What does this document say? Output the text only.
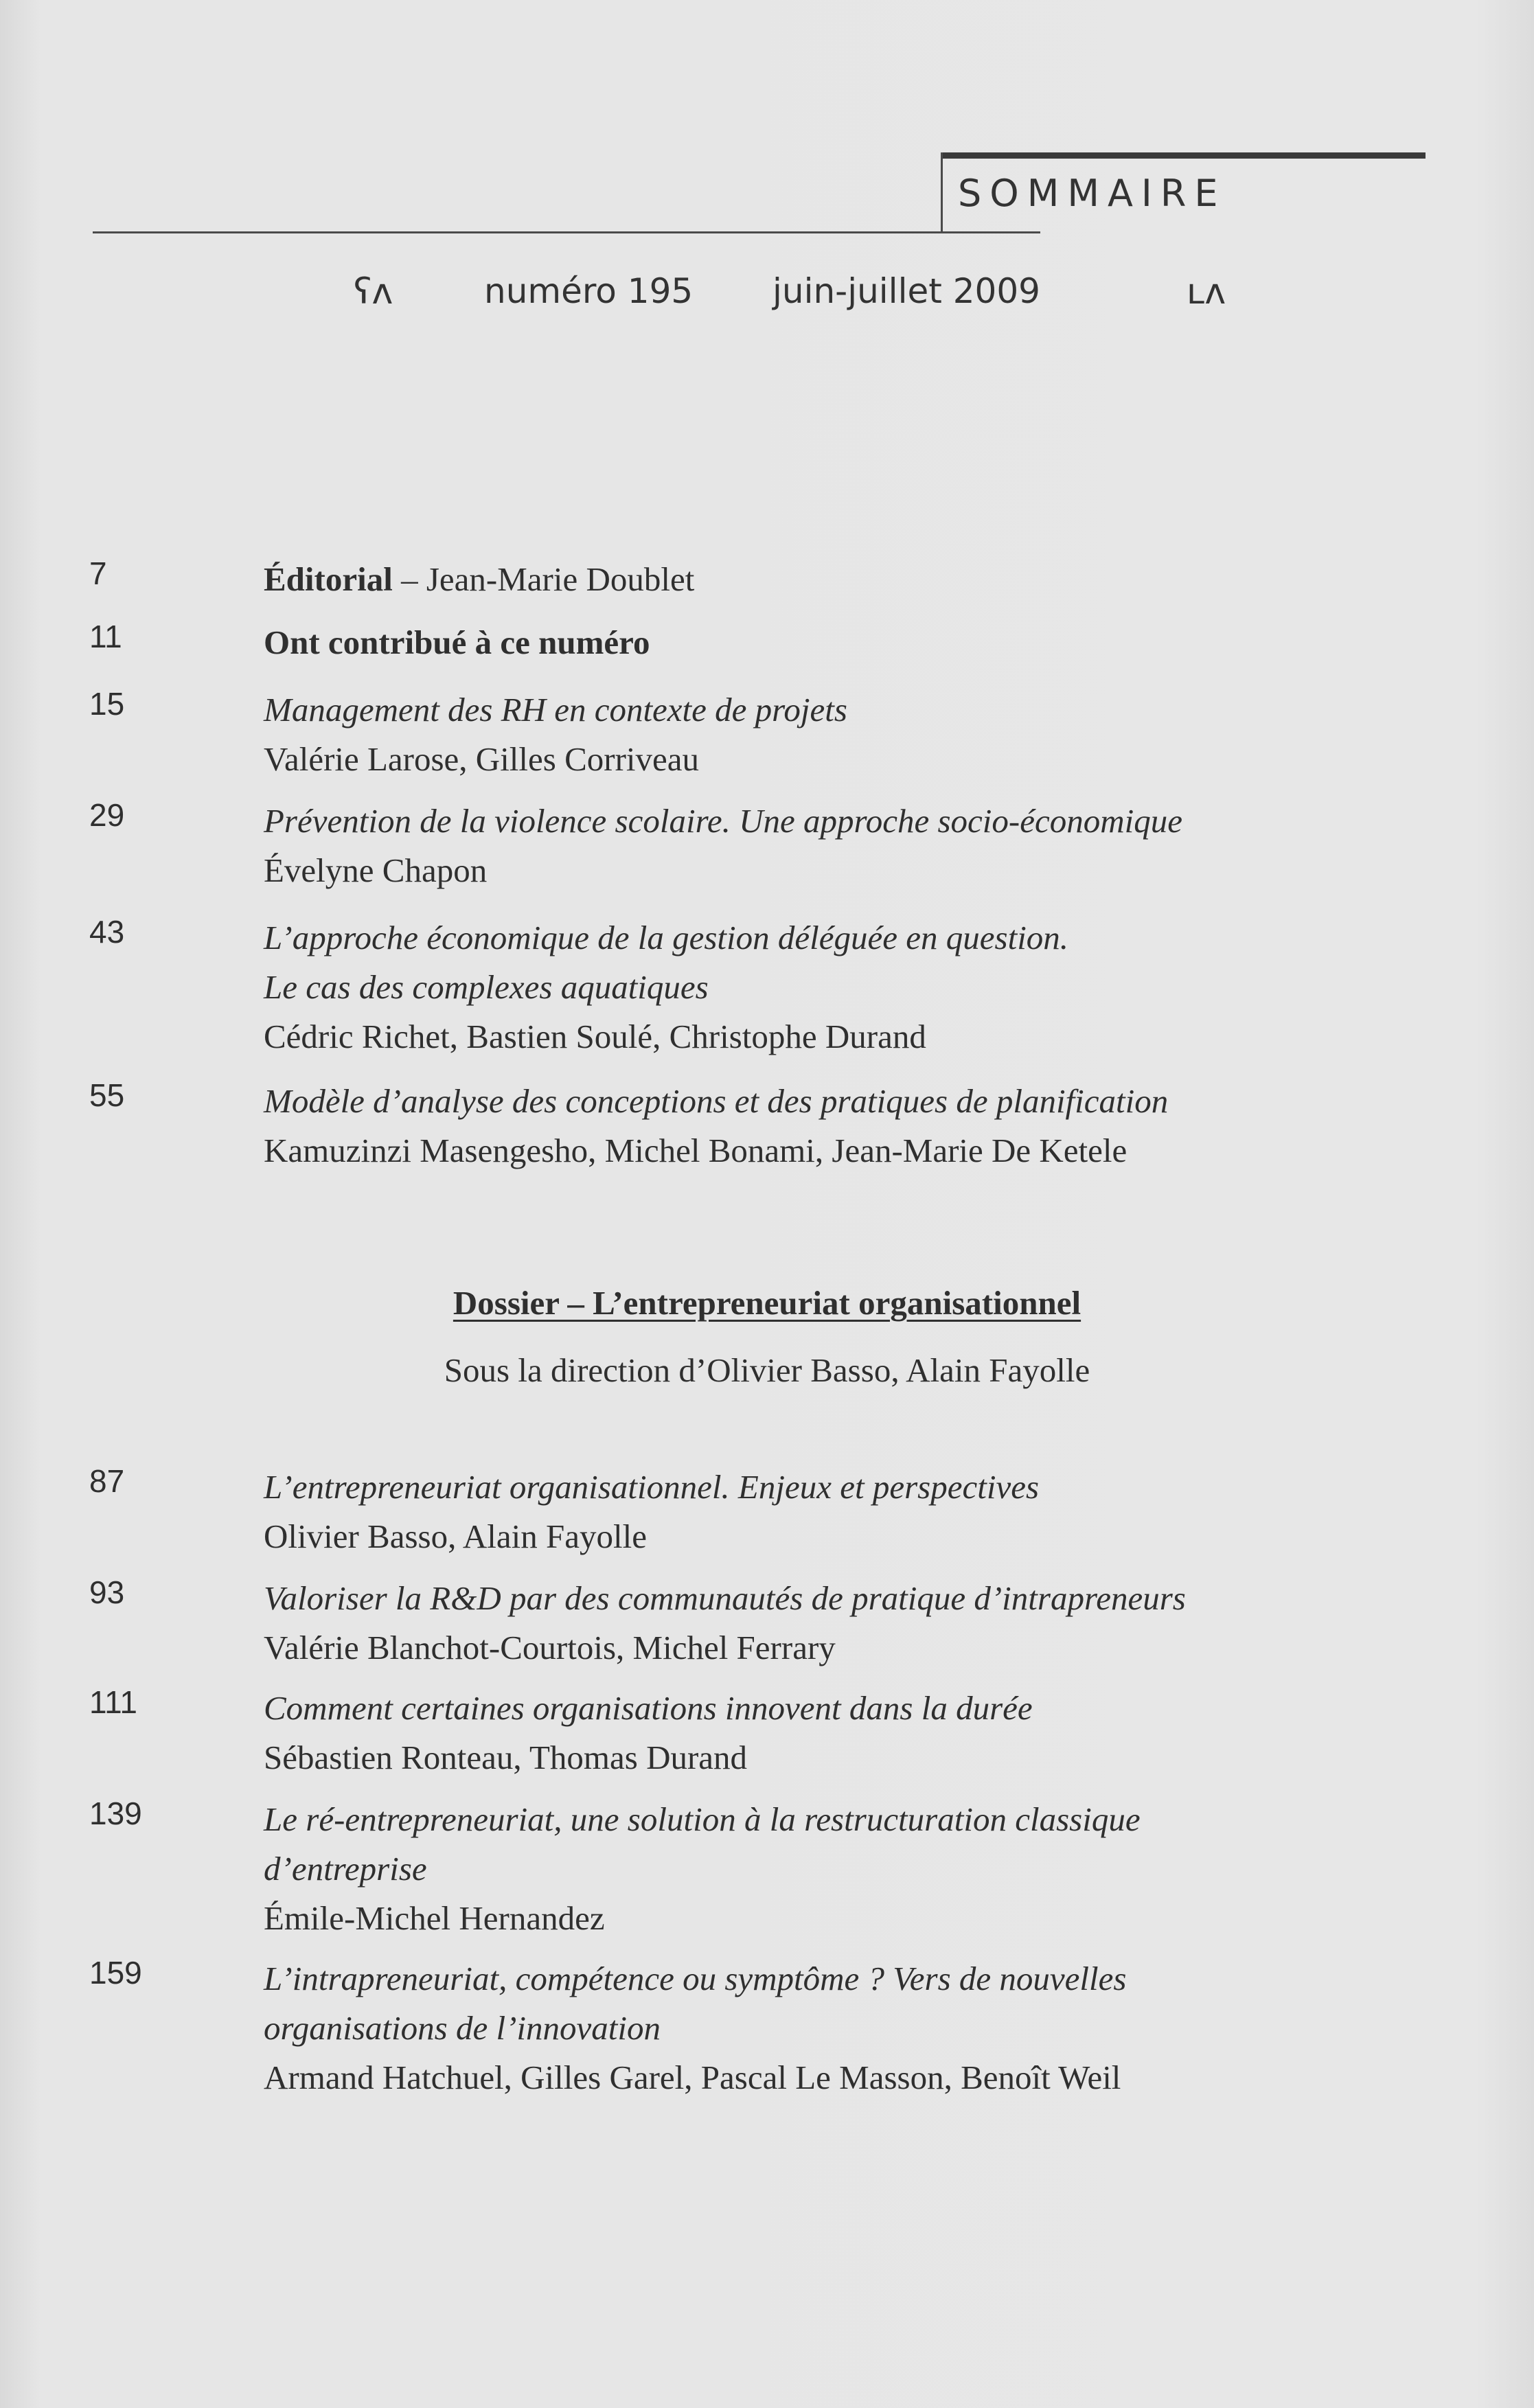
SOMMAIRE
ʕʌ	numéro 195 juin-juillet 2009	ʟʌ
7	Éditorial – Jean-Marie Doublet
11	Ont contribué à ce numéro
15	Management des RH en contexte de projets
Valérie Larose, Gilles Corriveau
29	Prévention de la violence scolaire. Une approche socio-économique
Évelyne Chapon
43	L’approche économique de la gestion déléguée en question.
Le cas des complexes aquatiques
Cédric Richet, Bastien Soulé, Christophe Durand
55	Modèle d’analyse des conceptions et des pratiques de planification
Kamuzinzi Masengesho, Michel Bonami, Jean-Marie De Ketele
Dossier – L’entrepreneuriat organisationnel
Sous la direction d’Olivier Basso, Alain Fayolle
87	L’entrepreneuriat organisationnel. Enjeux et perspectives
Olivier Basso, Alain Fayolle
93	Valoriser la R&D par des communautés de pratique d’intrapreneurs
Valérie Blanchot-Courtois, Michel Ferrary
111	Comment certaines organisations innovent dans la durée
Sébastien Ronteau, Thomas Durand
139	Le ré-entrepreneuriat, une solution à la restructuration classique
d’entreprise
Émile-Michel Hernandez
159	L’intrapreneuriat, compétence ou symptôme ? Vers de nouvelles
organisations de l’innovation
Armand Hatchuel, Gilles Garel, Pascal Le Masson, Benoît Weil
